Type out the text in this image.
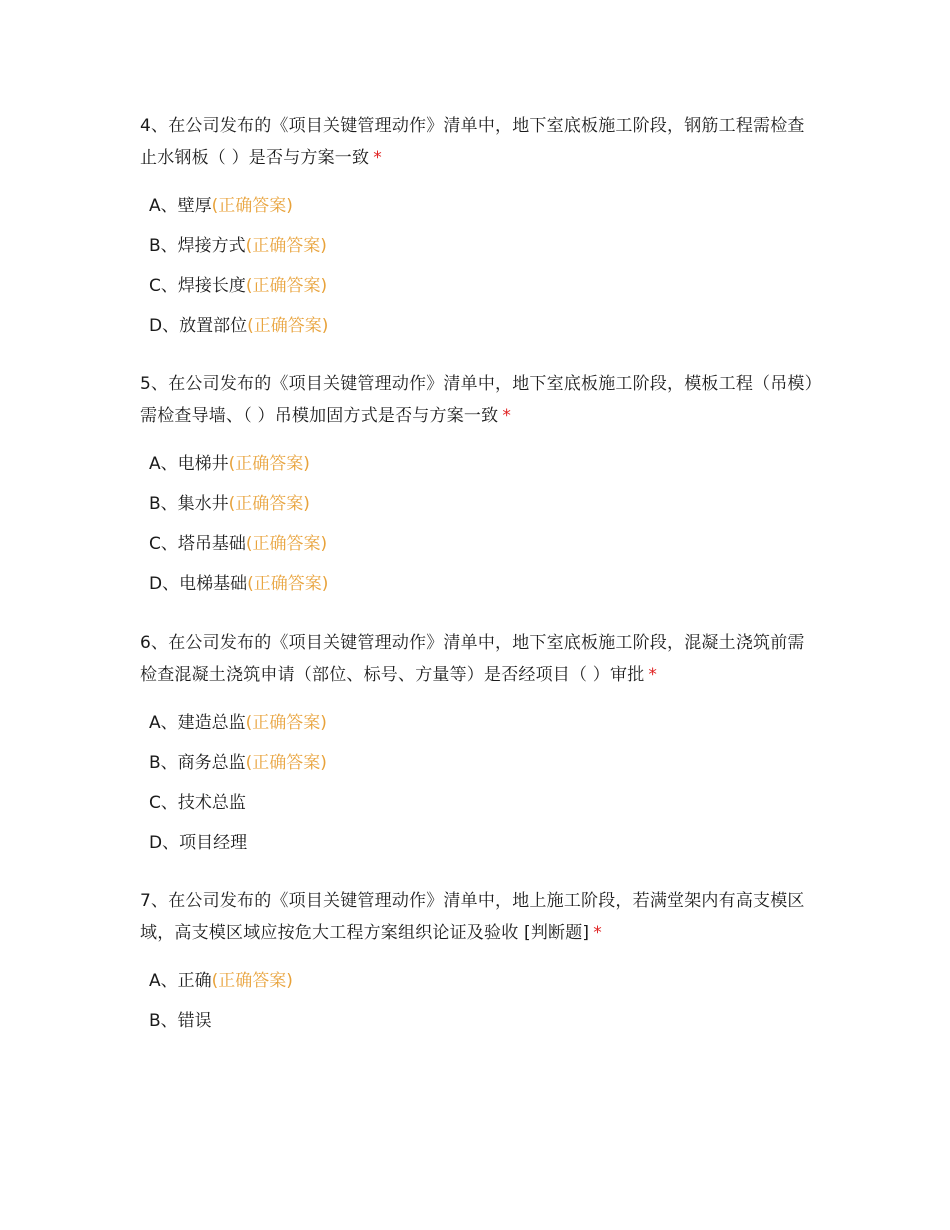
4、在公司发布的《项目关键管理动作》清单中，地下室底板施工阶段，钢筋工程需检查止水钢板（ ）是否与方案一致 *

A、壁厚(正确答案)
B、焊接方式(正确答案)
C、焊接长度(正确答案)
D、放置部位(正确答案)

5、在公司发布的《项目关键管理动作》清单中，地下室底板施工阶段，模板工程（吊模）需检查导墙、（ ）吊模加固方式是否与方案一致 *

A、电梯井(正确答案)
B、集水井(正确答案)
C、塔吊基础(正确答案)
D、电梯基础(正确答案)

6、在公司发布的《项目关键管理动作》清单中，地下室底板施工阶段，混凝土浇筑前需检查混凝土浇筑申请（部位、标号、方量等）是否经项目（ ）审批 *

A、建造总监(正确答案)
B、商务总监(正确答案)
C、技术总监
D、项目经理

7、在公司发布的《项目关键管理动作》清单中，地上施工阶段，若满堂架内有高支模区域，高支模区域应按危大工程方案组织论证及验收 [判断题] *

A、正确(正确答案)
B、错误
